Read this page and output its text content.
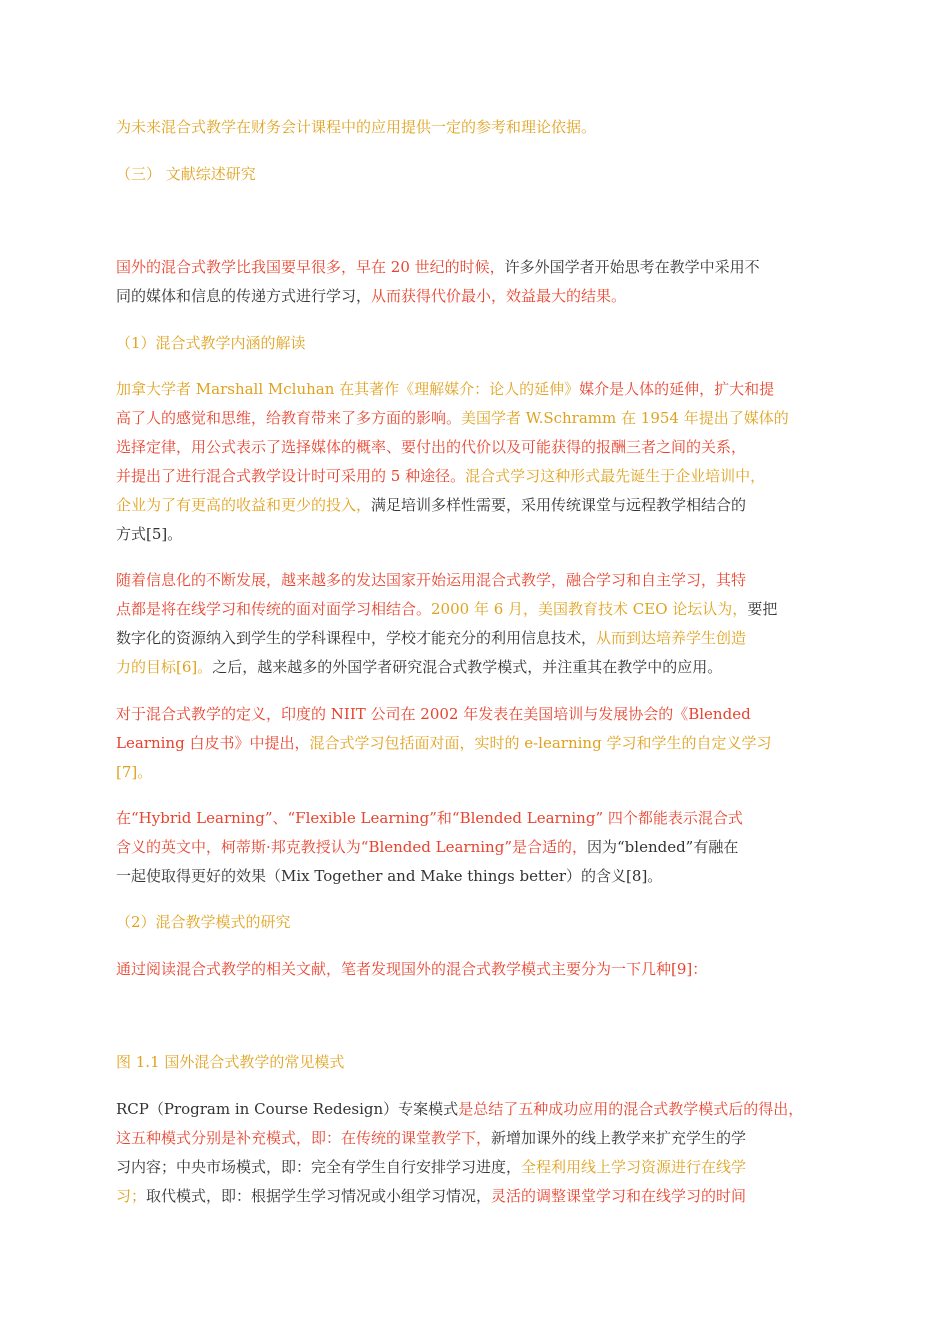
为未来混合式教学在财务会计课程中的应用提供一定的参考和理论依据。
（三） 文献综述研究
国外的混合式教学比我国要早很多，早在 20 世纪的时候，许多外国学者开始思考在教学中采用不
同的媒体和信息的传递方式进行学习，从而获得代价最小，效益最大的结果。
（1）混合式教学内涵的解读
加拿大学者 Marshall Mcluhan 在其著作《理解媒介：论人的延伸》媒介是人体的延伸，扩大和提
高了人的感觉和思维，给教育带来了多方面的影响。美国学者 W.Schramm 在 1954 年提出了媒体的
选择定律，用公式表示了选择媒体的概率、要付出的代价以及可能获得的报酬三者之间的关系，
并提出了进行混合式教学设计时可采用的 5 种途径。混合式学习这种形式最先诞生于企业培训中，
企业为了有更高的收益和更少的投入，满足培训多样性需要，采用传统课堂与远程教学相结合的
方式[5]。
随着信息化的不断发展，越来越多的发达国家开始运用混合式教学，融合学习和自主学习，其特
点都是将在线学习和传统的面对面学习相结合。2000 年 6 月，美国教育技术 CEO 论坛认为，要把
数字化的资源纳入到学生的学科课程中，学校才能充分的利用信息技术，从而到达培养学生创造
力的目标[6]。之后，越来越多的外国学者研究混合式教学模式，并注重其在教学中的应用。
对于混合式教学的定义，印度的 NIIT 公司在 2002 年发表在美国培训与发展协会的《Blended
Learning 白皮书》中提出，混合式学习包括面对面，实时的 e-learning 学习和学生的自定义学习
[7]。
在“Hybrid Learning”、“Flexible Learning”和“Blended Learning” 四个都能表示混合式
含义的英文中，柯蒂斯·邦克教授认为“Blended Learning”是合适的，因为“blended”有融在
一起使取得更好的效果（Mix Together and Make things better）的含义[8]。
（2）混合教学模式的研究
通过阅读混合式教学的相关文献，笔者发现国外的混合式教学模式主要分为一下几种[9]：
图 1.1 国外混合式教学的常见模式
RCP（Program in Course Redesign）专案模式是总结了五种成功应用的混合式教学模式后的得出，
这五种模式分别是补充模式，即：在传统的课堂教学下，新增加课外的线上教学来扩充学生的学
习内容；中央市场模式，即：完全有学生自行安排学习进度，全程利用线上学习资源进行在线学
习；取代模式，即：根据学生学习情况或小组学习情况，灵活的调整课堂学习和在线学习的时间
